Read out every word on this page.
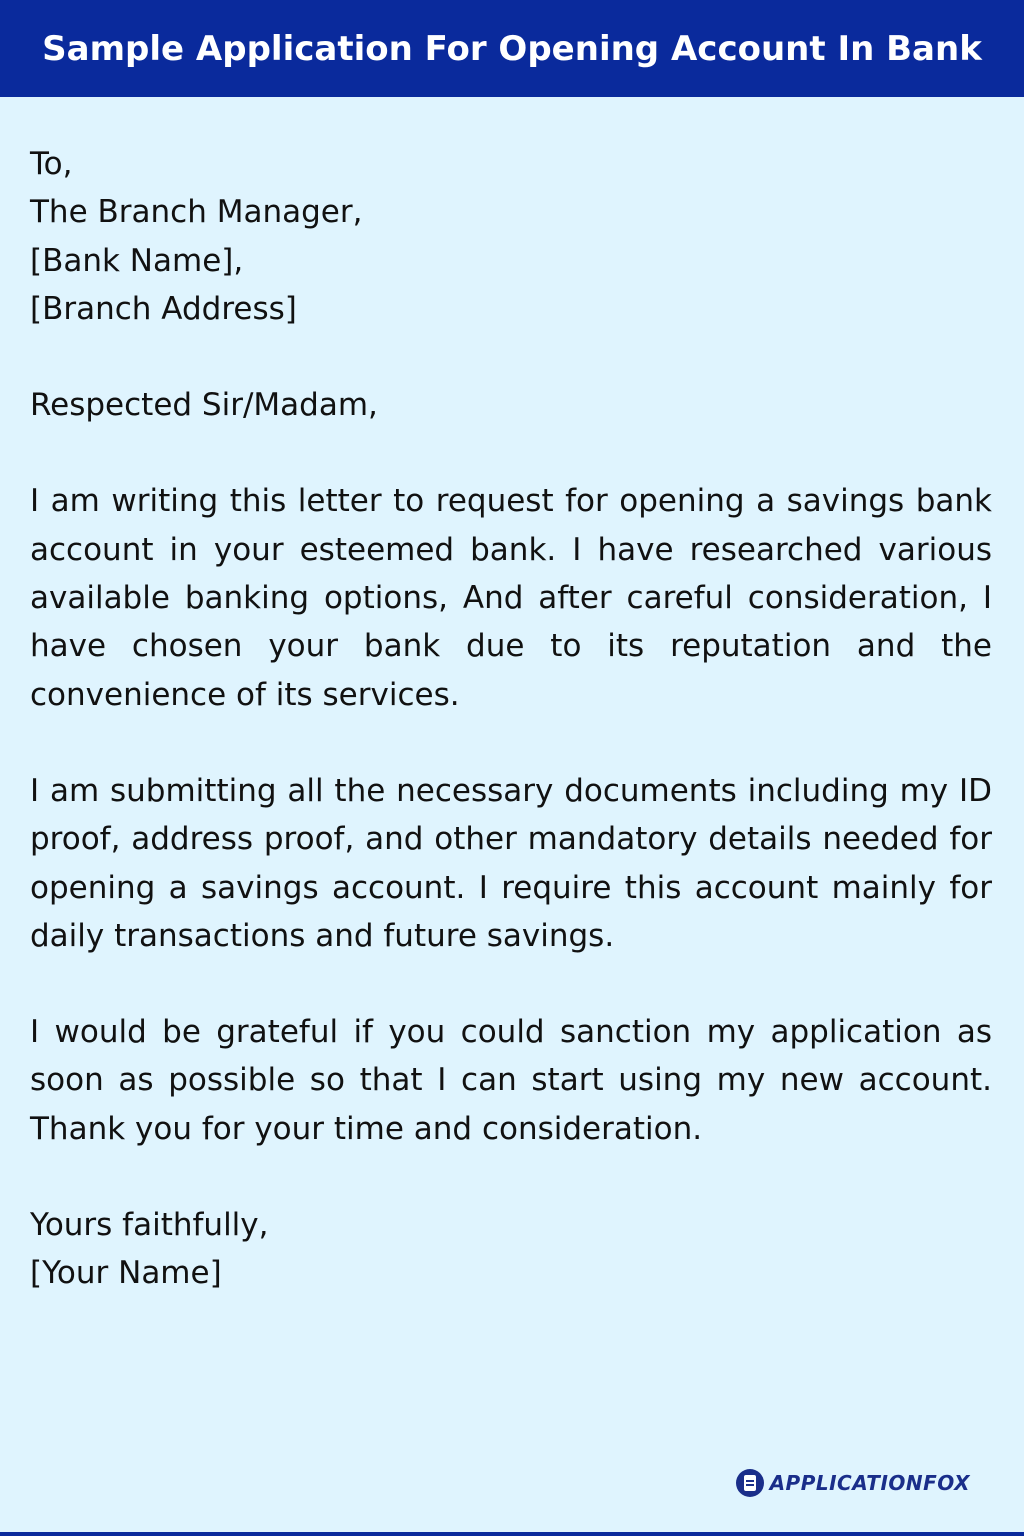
Sample Application For Opening Account In Bank
To,
The Branch Manager,
[Bank Name],
[Branch Address]
Respected Sir/Madam,

I am writing this letter to request for opening a savings bank account in your esteemed bank. I have researched various available banking options, And after careful consideration, I have chosen your bank due to its reputation and the convenience of its services.

I am submitting all the necessary documents including my ID proof, address proof, and other mandatory details needed for opening a savings account. I require this account mainly for daily transactions and future savings.

I would be grateful if you could sanction my application as soon as possible so that I can start using my new account. Thank you for your time and consideration.

Yours faithfully,
[Your Name]
APPLICATIONFOX
